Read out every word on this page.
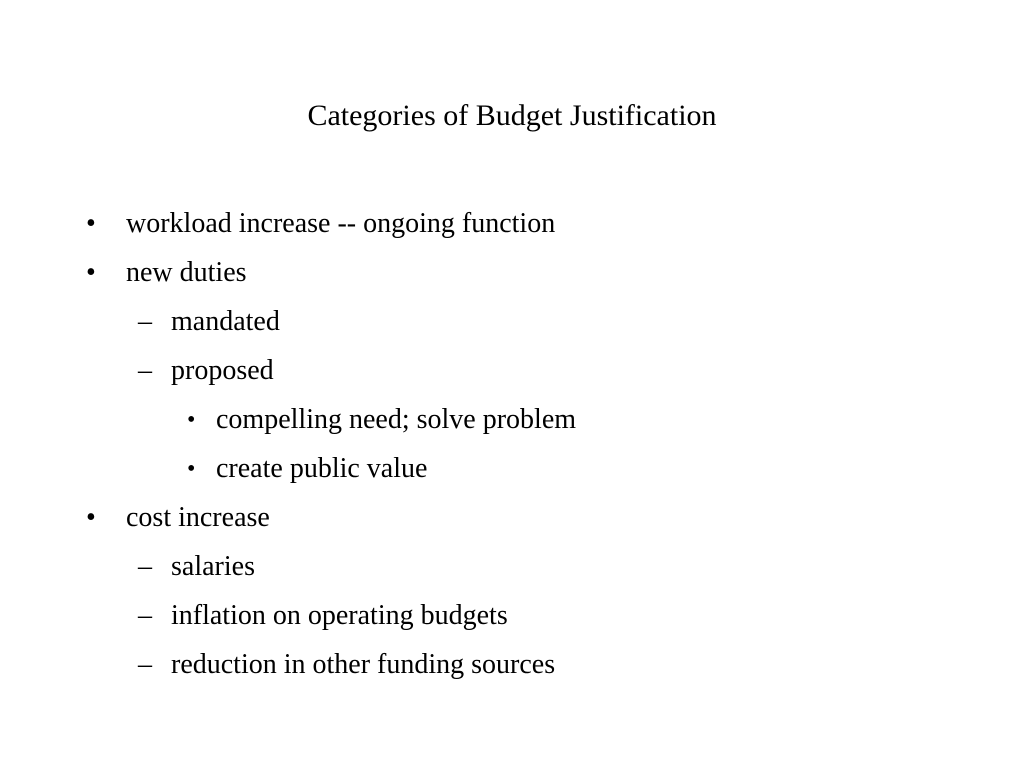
Categories of Budget Justification
• workload increase -- ongoing function
• new duties
– mandated
– proposed
• compelling need; solve problem
• create public value
• cost increase
– salaries
– inflation on operating budgets
– reduction in other funding sources
